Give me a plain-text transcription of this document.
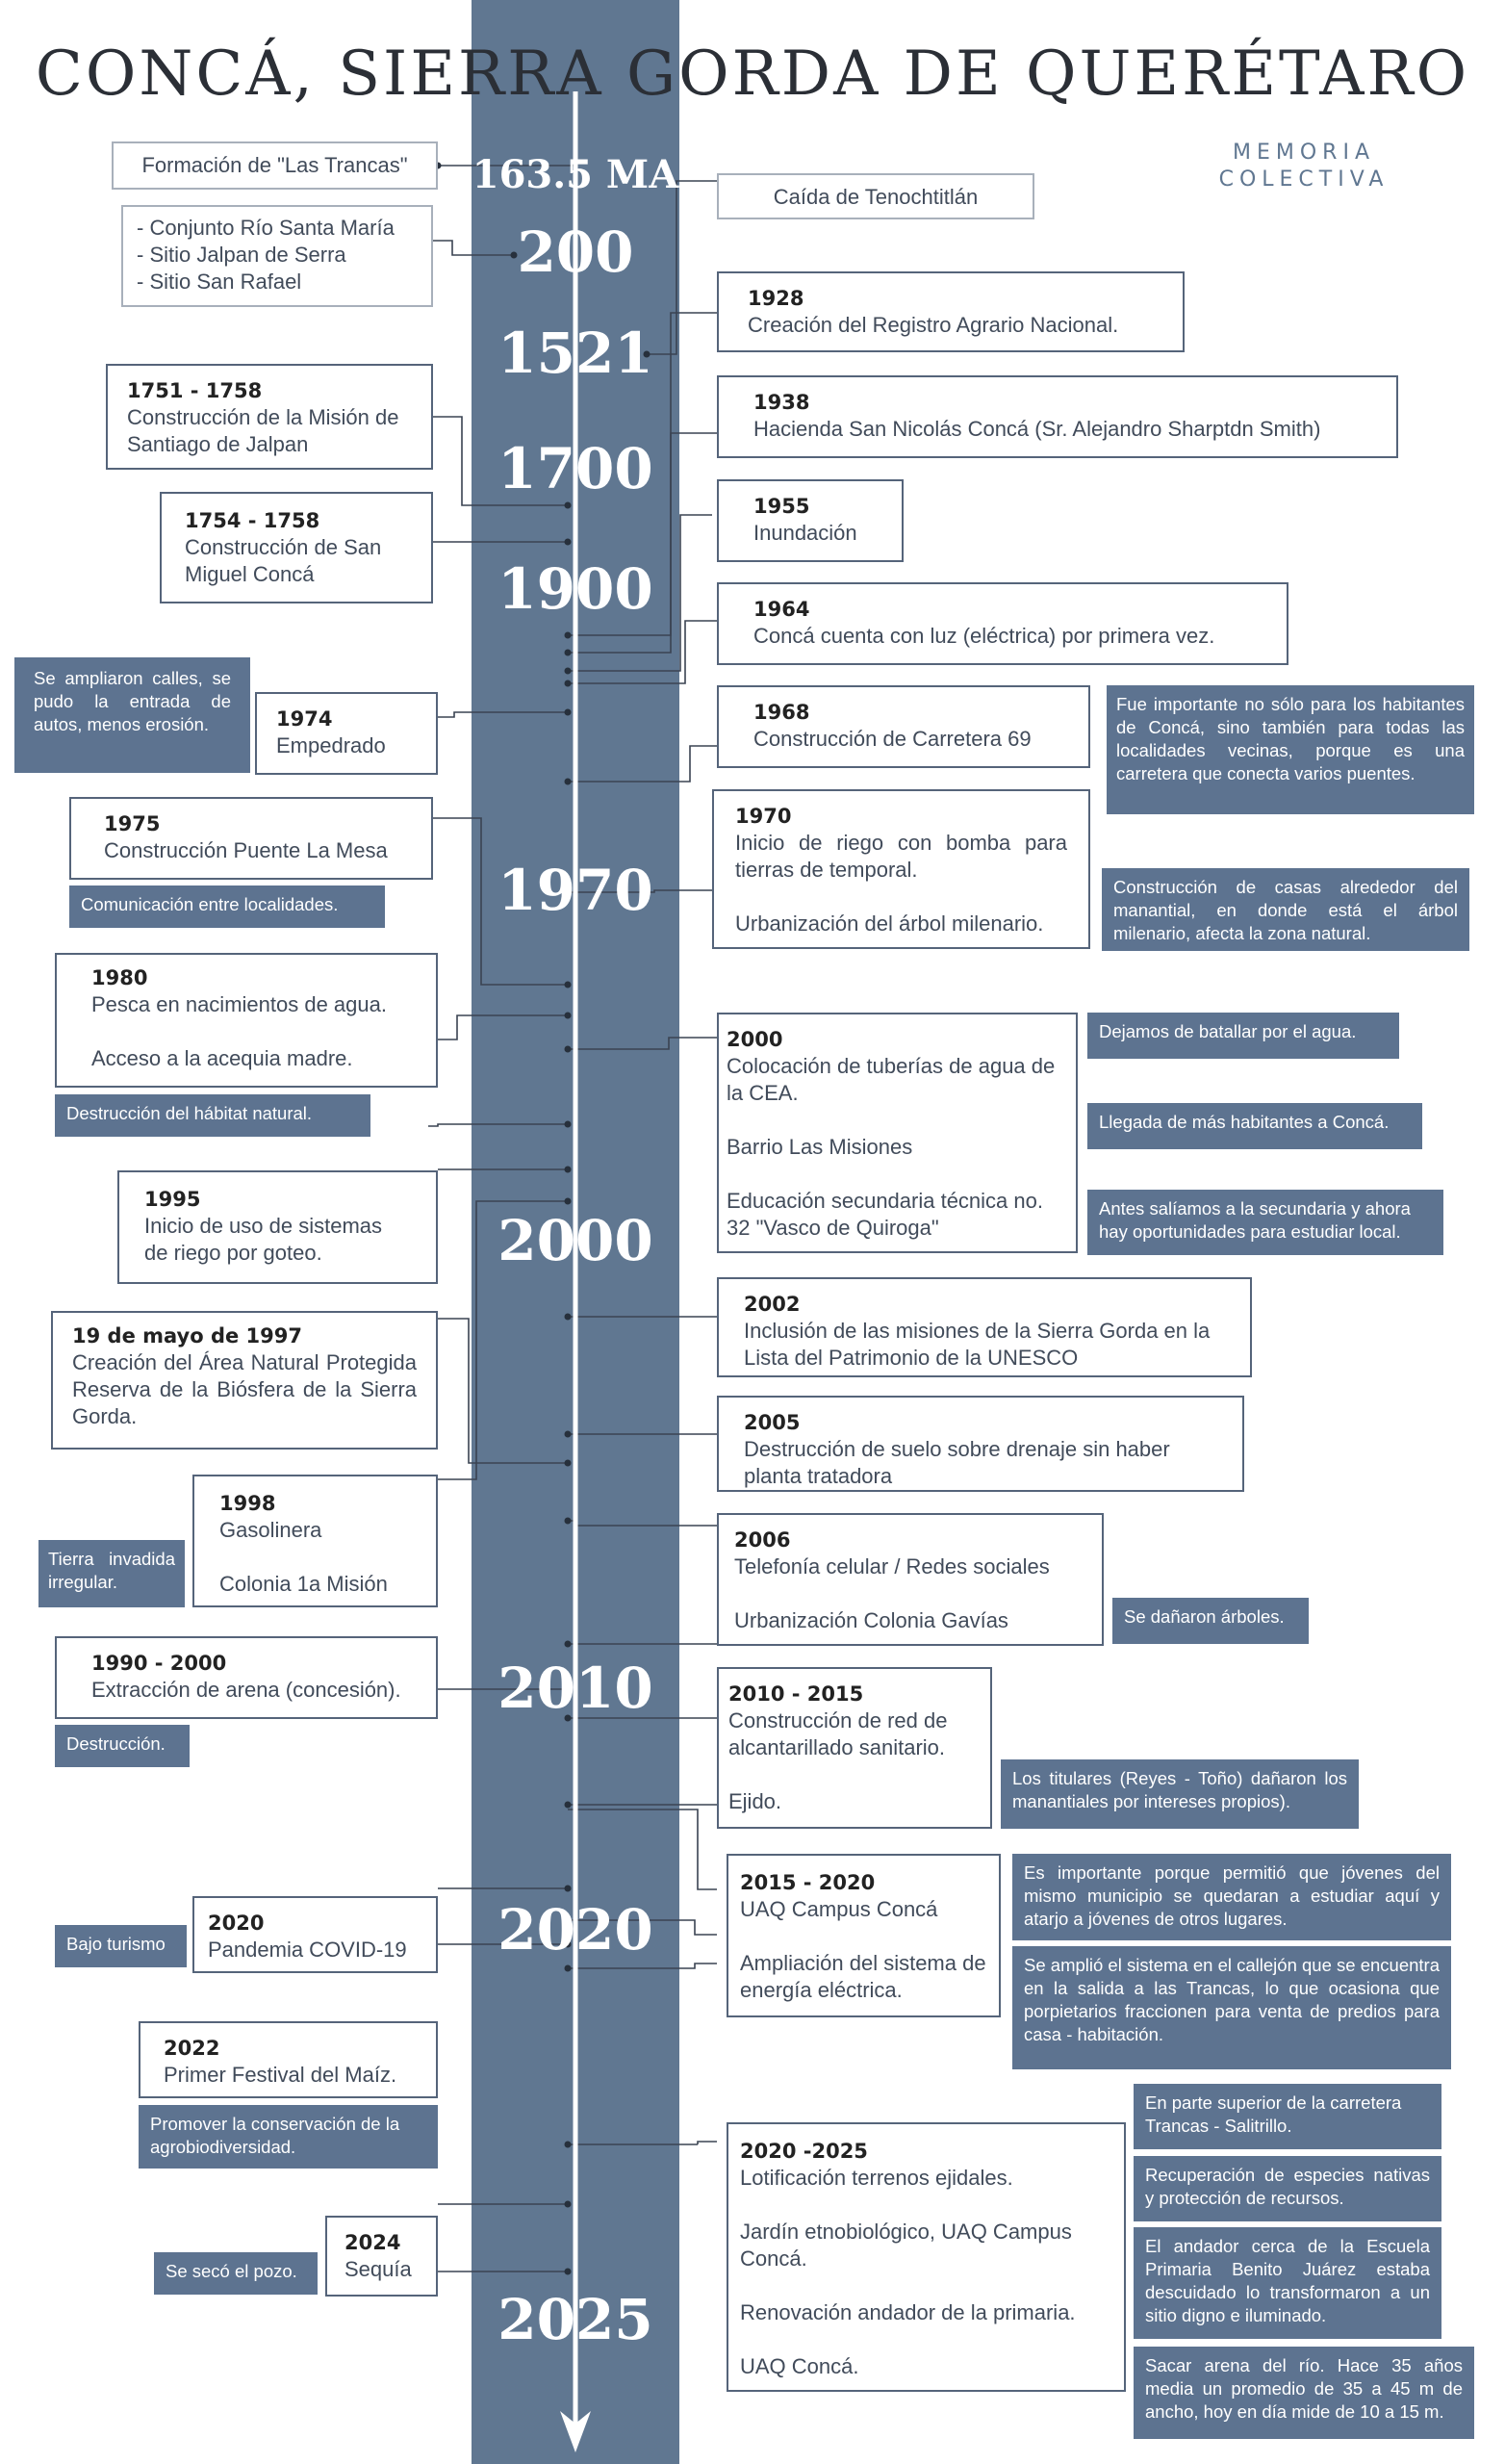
CONCÁ, SIERRA GORDA DE QUERÉTARO
MEMORIA
COLECTIVA
163.5 MA
200
1521
1700
1900
1970
2000
2010
2020
2025
Formación de "Las Trancas"
- Conjunto Río Santa María
- Sitio Jalpan de Serra
- Sitio San Rafael
1751 - 1758

Construcción de la Misión de Santiago de Jalpan

1754 - 1758

Construcción de San Miguel Concá

1974

Empedrado

1975

Construcción Puente La Mesa

1980

Pesca en nacimientos de agua.

Acceso a la acequia madre.

1995

Inicio de uso de sistemas de riego por goteo.

19 de mayo de 1997

Creación del Área Natural Protegida Reserva de la Biósfera de la Sierra Gorda.

1998

Gasolinera

Colonia 1a Misión

1990 - 2000

Extracción de arena (concesión).

2020

Pandemia COVID-19

2022

Primer Festival del Maíz.

2024

Sequía

Caída de Tenochtitlán
1928

Creación del Registro Agrario Nacional.

1938

Hacienda San Nicolás Concá (Sr. Alejandro Sharptdn Smith)

1955

Inundación

1964

Concá cuenta con luz (eléctrica) por primera vez.

1968

Construcción de Carretera 69

1970

Inicio de riego con bomba para tierras de temporal.

Urbanización del árbol milenario.

2000

Colocación de tuberías de agua de la CEA.

Barrio Las Misiones

Educación secundaria técnica no. 32 "Vasco de Quiroga"

2002

Inclusión de las misiones de la Sierra Gorda en la Lista del Patrimonio de la UNESCO

2005

Destrucción de suelo sobre drenaje sin haber planta tratadora

2006

Telefonía celular / Redes sociales

Urbanización Colonia Gavías

2010 - 2015

Construcción de red de alcantarillado sanitario.

Ejido.

2015 - 2020

UAQ Campus Concá

Ampliación del sistema de energía eléctrica.

2020 -2025

Lotificación terrenos ejidales.

Jardín etnobiológico, UAQ Campus Concá.

Renovación andador de la primaria.

UAQ Concá.

Se ampliaron calles, se pudo la entrada de autos, menos erosión.
Comunicación entre localidades.
Destrucción del hábitat natural.
Tierra invadida irregular.
Destrucción.
Bajo turismo
Promover la conservación de la agrobiodiversidad.
Se secó el pozo.
Fue importante no sólo para los habitantes de Concá, sino también para todas las localidades vecinas, porque es una carretera que conecta varios puentes.
Construcción de casas alrededor del manantial, en donde está el árbol milenario, afecta la zona natural.
Dejamos de batallar por el agua.
Llegada de más habitantes a Concá.
Antes salíamos a la secundaria y ahora hay oportunidades para estudiar local.
Se dañaron árboles.
Los titulares (Reyes - Toño) dañaron los manantiales por intereses propios).
Es importante porque permitió que jóvenes del mismo municipio se quedaran a estudiar aquí y atarjo a jóvenes de otros lugares.
Se amplió el sistema en el callejón que se encuentra en la salida a las Trancas, lo que ocasiona que porpietarios fraccionen para venta de predios para casa - habitación.
En parte superior de la carretera Trancas - Salitrillo.
Recuperación de especies nativas y protección de recursos.
El andador cerca de la Escuela Primaria Benito Juárez estaba descuidado lo transformaron a un sitio digno e iluminado.
Sacar arena del río. Hace 35 años media un promedio de 35 a 45 m de ancho, hoy en día mide de 10 a 15 m.
